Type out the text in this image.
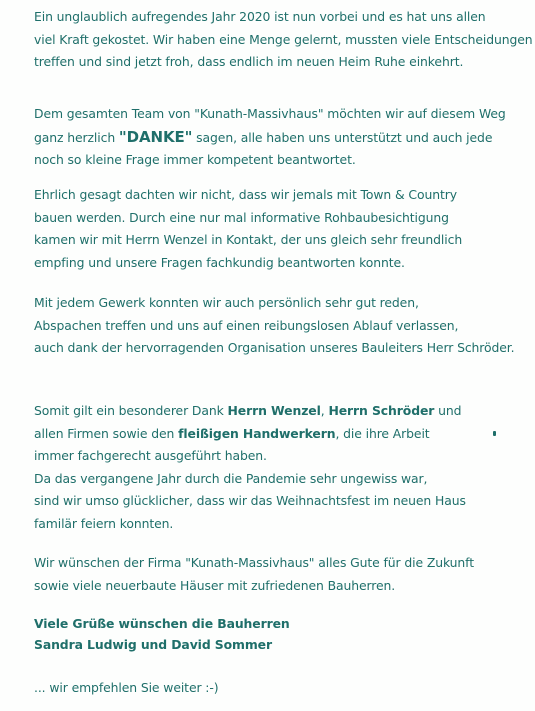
Ein unglaublich aufregendes Jahr 2020 ist nun vorbei und es hat uns allen

viel Kraft gekostet. Wir haben eine Menge gelernt, mussten viele Entscheidungen

treffen und sind jetzt froh, dass endlich im neuen Heim Ruhe einkehrt.

Dem gesamten Team von "Kunath-Massivhaus" möchten wir auf diesem Weg

ganz herzlich "DANKE" sagen, alle haben uns unterstützt und auch jede

noch so kleine Frage immer kompetent beantwortet.

Ehrlich gesagt dachten wir nicht, dass wir jemals mit Town & Country

bauen werden. Durch eine nur mal informative Rohbaubesichtigung

kamen wir mit Herrn Wenzel in Kontakt, der uns gleich sehr freundlich

empfing und unsere Fragen fachkundig beantworten konnte.

Mit jedem Gewerk konnten wir auch persönlich sehr gut reden,

Abspachen treffen und uns auf einen reibungslosen Ablauf verlassen,

auch dank der hervorragenden Organisation unseres Bauleiters Herr Schröder.

Somit gilt ein besonderer Dank Herrn Wenzel, Herrn Schröder und

allen Firmen sowie den fleißigen Handwerkern, die ihre Arbeit

immer fachgerecht ausgeführt haben.

Da das vergangene Jahr durch die Pandemie sehr ungewiss war,

sind wir umso glücklicher, dass wir das Weihnachtsfest im neuen Haus

familär feiern konnten.

Wir wünschen der Firma "Kunath-Massivhaus" alles Gute für die Zukunft

sowie viele neuerbaute Häuser mit zufriedenen Bauherren.

Viele Grüße wünschen die Bauherren

Sandra Ludwig und David Sommer

... wir empfehlen Sie weiter :-)
